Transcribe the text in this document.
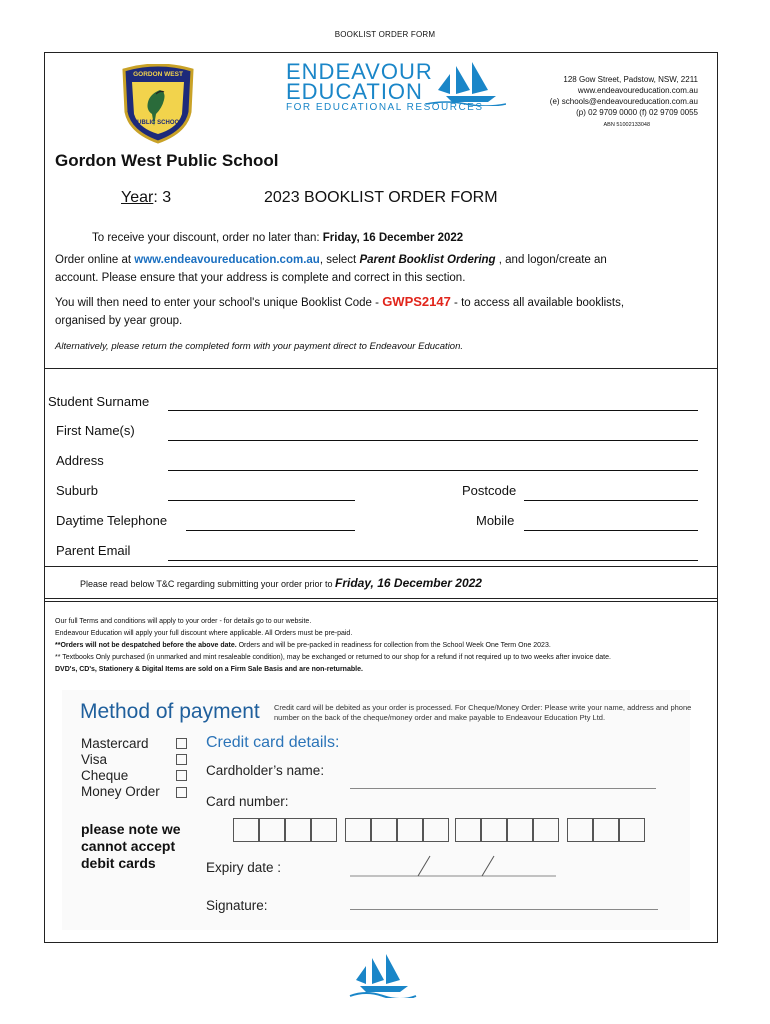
BOOKLIST ORDER FORM
GORDON WEST
PUBLIC SCHOOL
ENDEAVOUR
EDUCATION
FOR EDUCATIONAL RESOURCES
128 Gow Street, Padstow, NSW, 2211
www.endeavoureducation.com.au
(e) schools@endeavoureducation.com.au
(p) 02 9709 0000 (f) 02 9709 0055
ABN 51002133048
Gordon West Public School
Year: 3	2023 BOOKLIST ORDER FORM
To receive your discount, order no later than: Friday, 16 December 2022
Order online at www.endeavoureducation.com.au, select Parent Booklist Ordering , and logon/create an
account. Please ensure that your address is complete and correct in this section.
You will then need to enter your school's unique Booklist Code - GWPS2147 - to access all available booklists,
organised by year group.
Alternatively, please return the completed form with your payment direct to Endeavour Education.
Student Surname
First Name(s)
Address
Suburb	Postcode
Daytime Telephone	Mobile
Parent Email
Please read below T&C regarding submitting your order prior to Friday, 16 December 2022
Our full Terms and conditions will apply to your order - for details go to our website.
Endeavour Education will apply your full discount where applicable. All Orders must be pre-paid.
**Orders will not be despatched before the above date. Orders and will be pre-packed in readiness for collection from the School Week One Term One 2023.
** Textbooks Only purchased (in unmarked and mint resaleable condition), may be exchanged or returned to our shop for a refund if not required up to two weeks after invoice date.
DVD's, CD's, Stationery & Digital Items are sold on a Firm Sale Basis and are non-returnable.
Method of payment Credit card will be debited as your order is processed. For Cheque/Money Order: Please write your name, address and phone number on the back of the cheque/money order and make payable to Endeavour Education Pty Ltd.
Mastercard
Visa
Cheque
Money Order
Credit card details:
Cardholder’s name:
Card number:
please note we
cannot accept
debit cards	Expiry date :
Signature:
